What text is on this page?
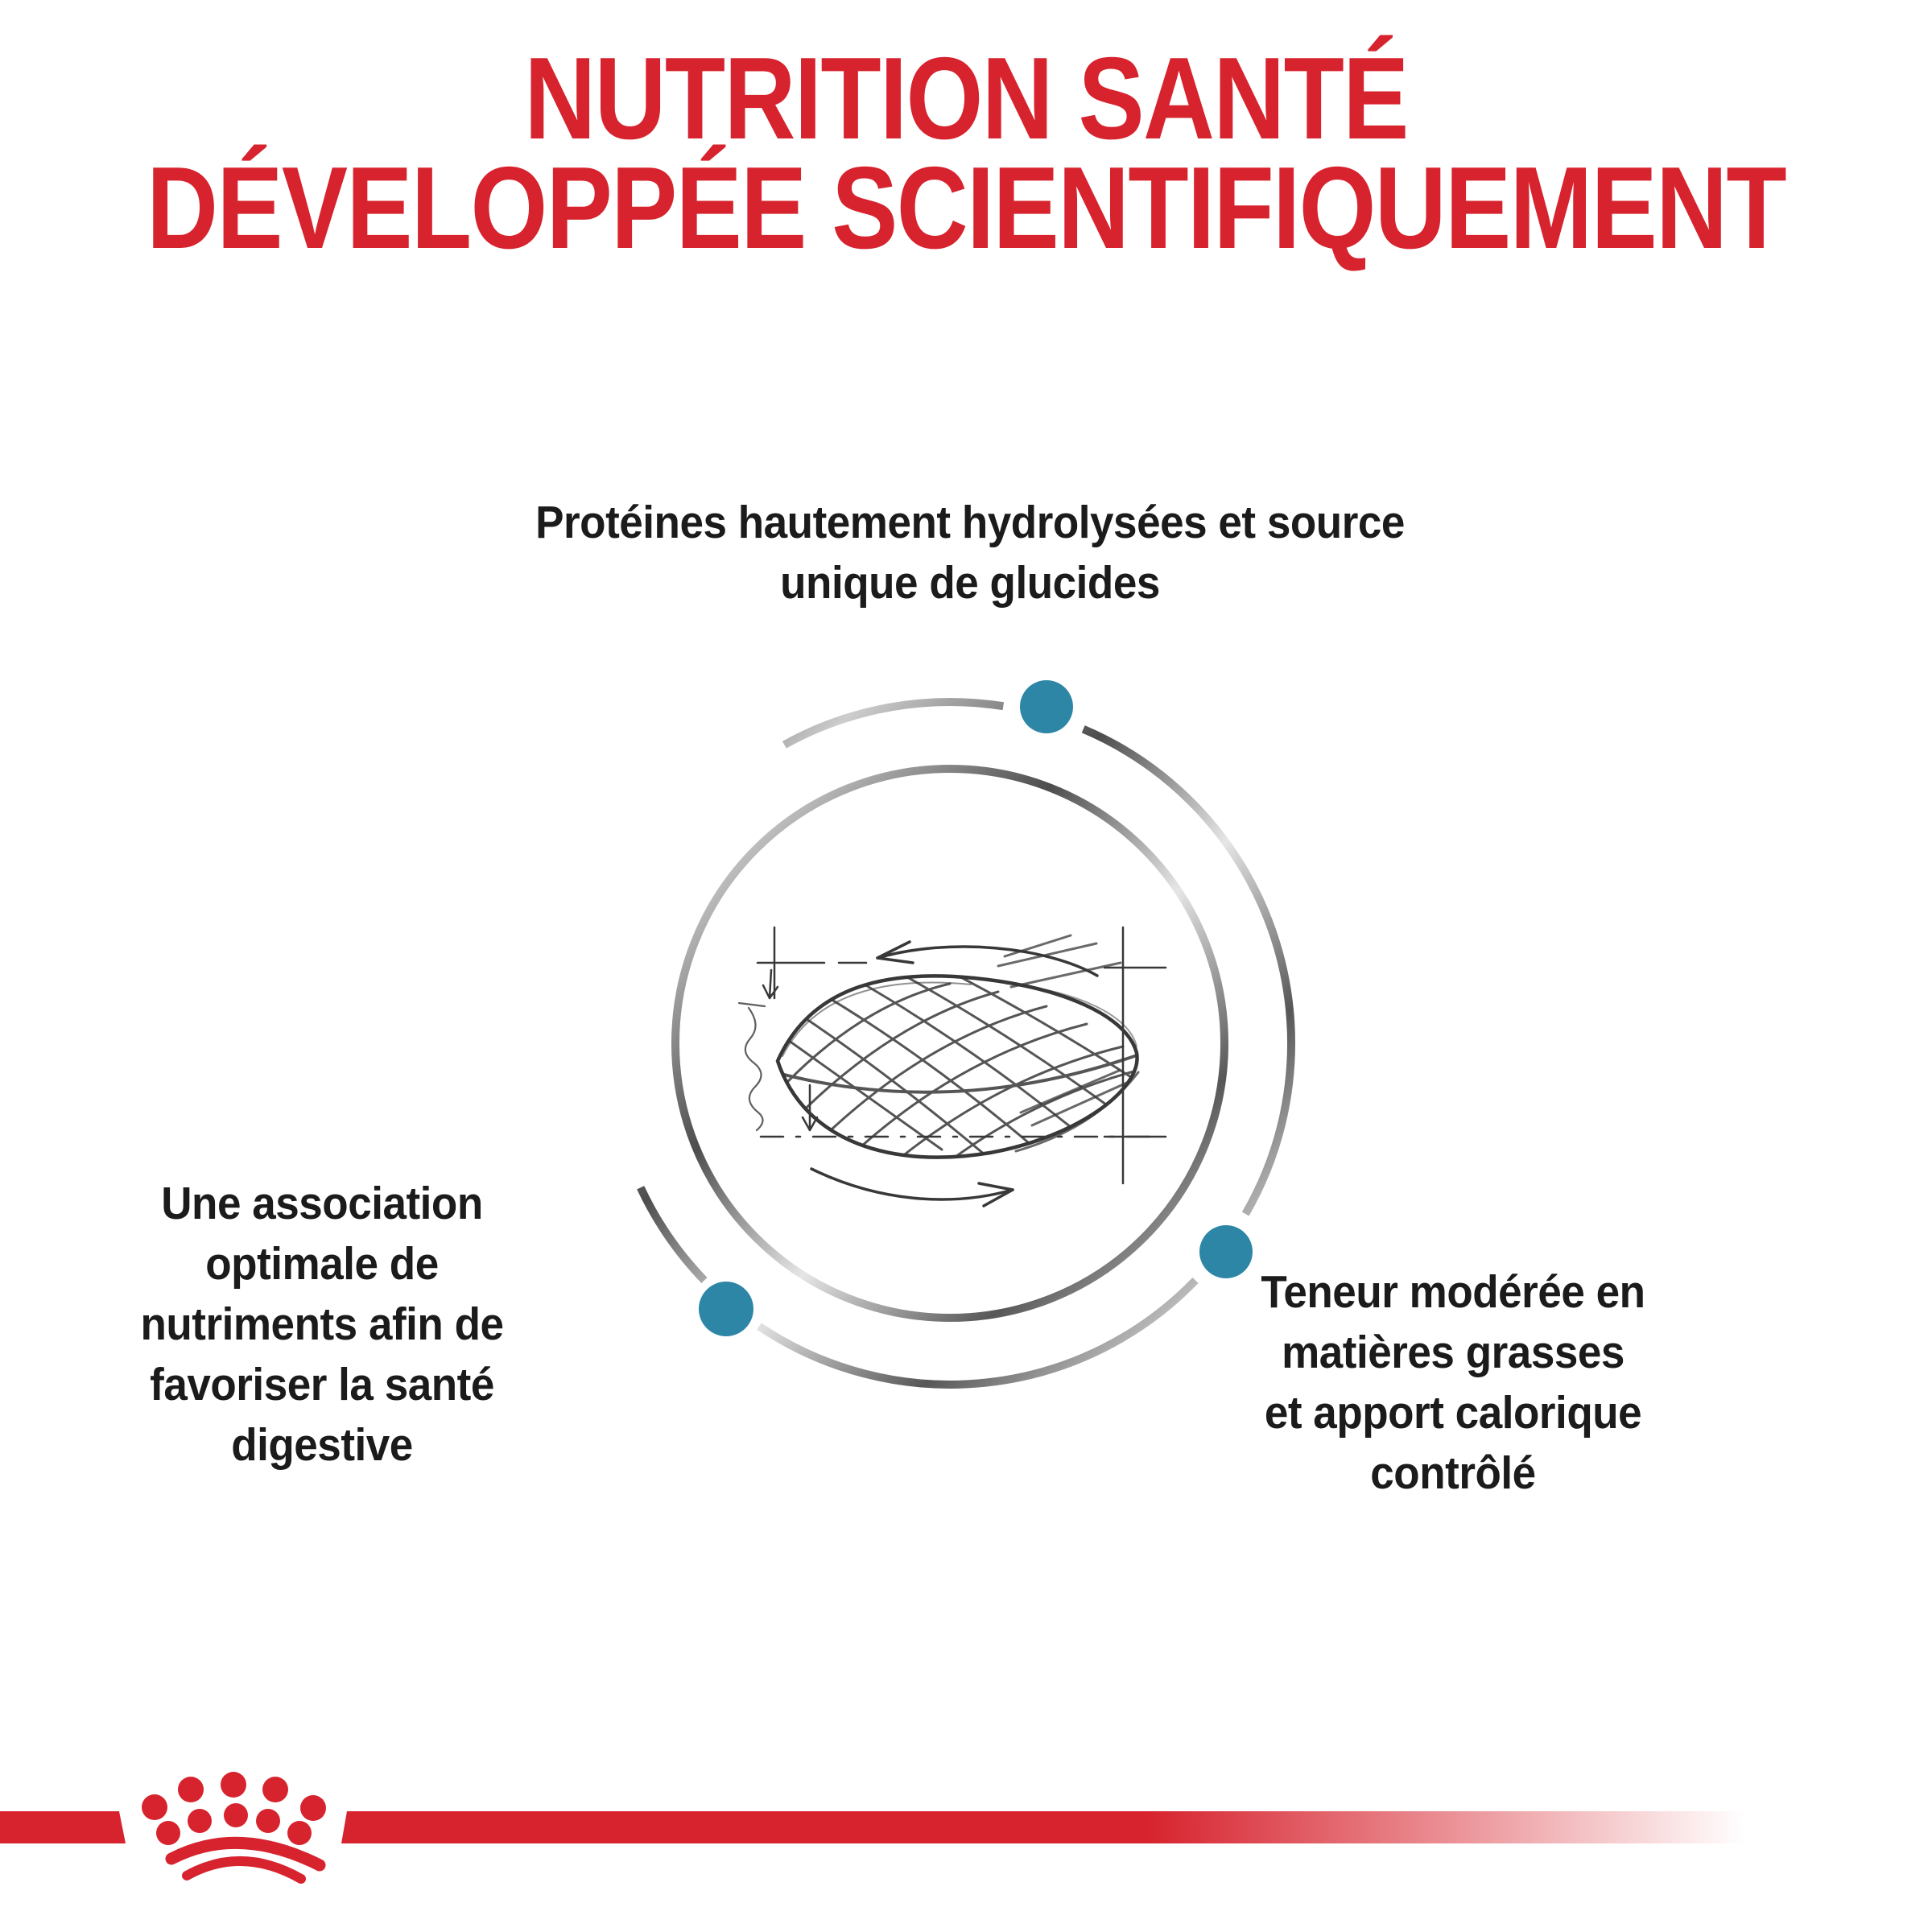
NUTRITION SANTÉ
DÉVELOPPÉE SCIENTIFIQUEMENT
Protéines hautement hydrolysées et source
unique de glucides
Une association
optimale de
nutriments afin de
favoriser la santé
digestive
Teneur modérée en
matières grasses
et apport calorique
contrôlé
